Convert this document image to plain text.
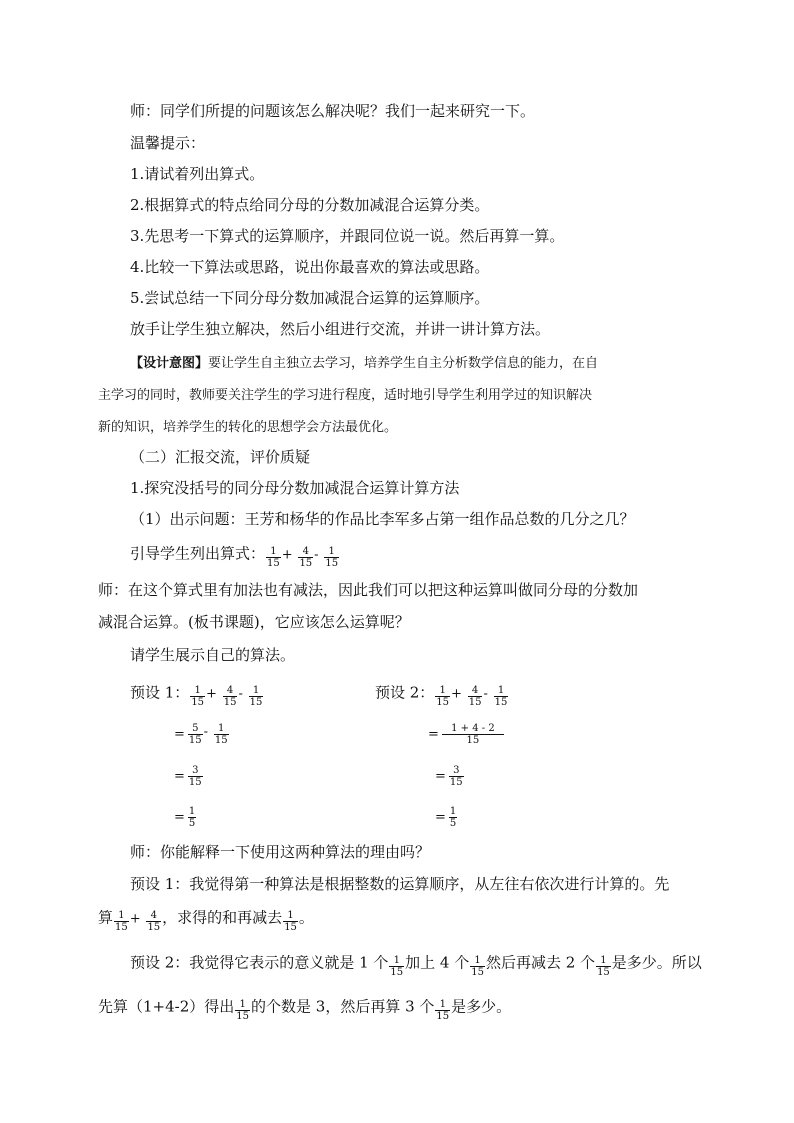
师：同学们所提的问题该怎么解决呢？我们一起来研究一下。
温馨提示：
1.请试着列出算式。
2.根据算式的特点给同分母的分数加减混合运算分类。
3.先思考一下算式的运算顺序，并跟同位说一说。然后再算一算。
4.比较一下算法或思路，说出你最喜欢的算法或思路。
5.尝试总结一下同分母分数加减混合运算的运算顺序。
放手让学生独立解决，然后小组进行交流，并讲一讲计算方法。
【设计意图】要让学生自主独立去学习，培养学生自主分析数学信息的能力，在自
主学习的同时，教师要关注学生的学习进行程度，适时地引导学生利用学过的知识解决
新的知识，培养学生的转化的思想学会方法最优化。
（二）汇报交流，评价质疑
1.探究没括号的同分母分数加减混合运算计算方法
（1）出示问题：王芳和杨华的作品比李军多占第一组作品总数的几分之几？
引导学生列出算式： $\frac{1}{15} + \frac{4}{15} - \frac{1}{15}$
师：在这个算式里有加法也有减法，因此我们可以把这种运算叫做同分母的分数加
减混合运算。(板书课题)，它应该怎么运算呢？
请学生展示自己的算法。
预设 1： $\frac{1}{15} + \frac{4}{15} - \frac{1}{15}$
= $\frac{5}{15} - \frac{1}{15}$
= $\frac{3}{15}$
= $\frac{1}{5}$
预设 2： $\frac{1}{15} + \frac{4}{15} - \frac{1}{15}$
= $\frac{1 + 4 - 2}{15}$
= $\frac{3}{15}$
= $\frac{1}{5}$
师：你能解释一下使用这两种算法的理由吗？
预设 1：我觉得第一种算法是根据整数的运算顺序，从左往右依次进行计算的。先
算 $\frac{1}{15} + \frac{4}{15}$ ，求得的和再减去 $\frac{1}{15}$ 。
预设 2：我觉得它表示的意义就是 1 个 $\frac{1}{15}$ 加上 4 个 $\frac{1}{15}$ 然后再减去 2 个 $\frac{1}{15}$ 是多少。所以
先算（1+4-2）得出 $\frac{1}{15}$ 的个数是 3，然后再算 3 个 $\frac{1}{15}$ 是多少。
